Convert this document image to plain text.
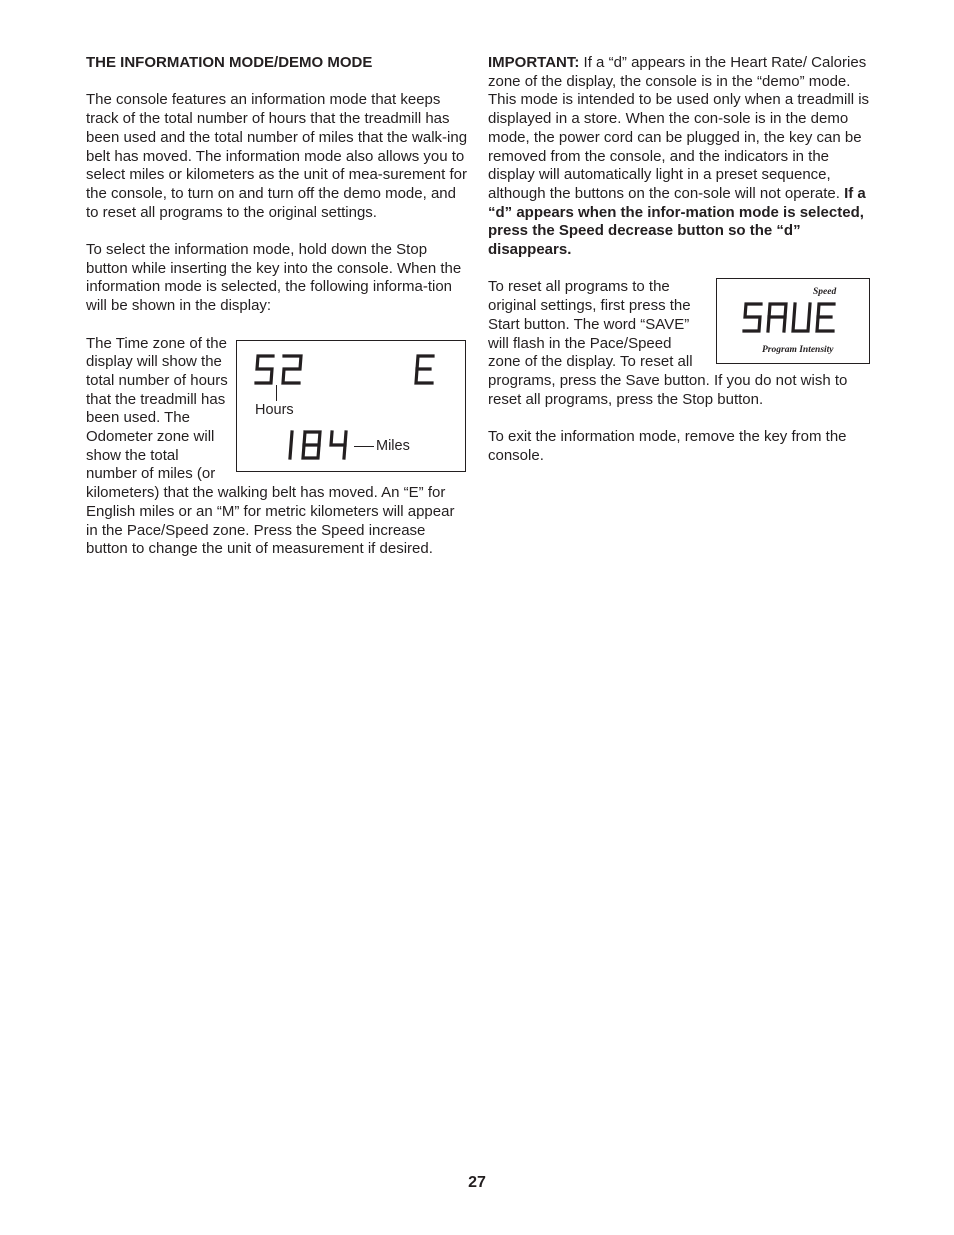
THE INFORMATION MODE/DEMO MODE

The console features an information mode that keeps track of the total number of hours that the treadmill has been used and the total number of miles that the walk-ing belt has moved. The information mode also allows you to select miles or kilometers as the unit of mea-surement for the console, to turn on and turn off the demo mode, and to reset all programs to the original settings.

To select the information mode, hold down the Stop button while inserting the key into the console. When the information mode is selected, the following informa-tion will be shown in the display:

Hours
Miles

The Time zone of the display will show the total number of hours that the treadmill has been used. The Odometer zone will show the total number of miles (or kilometers) that the walking belt has moved. An “E” for English miles or an “M” for metric kilometers will appear in the Pace/Speed zone. Press the Speed increase button to change the unit of measurement if desired.

IMPORTANT: If a “d” appears in the Heart Rate/ Calories zone of the display, the console is in the “demo” mode. This mode is intended to be used only when a treadmill is displayed in a store. When the con-sole is in the demo mode, the power cord can be plugged in, the key can be removed from the console, and the indicators in the display will automatically light in a preset sequence, although the buttons on the con-sole will not operate. If a “d” appears when the infor-mation mode is selected, press the Speed decrease button so the “d” disappears.

Speed
Program Intensity

To reset all programs to the original settings, first press the Start button. The word “SAVE” will flash in the Pace/Speed zone of the display. To reset all programs, press the Save button. If you do not wish to reset all programs, press the Stop button.

To exit the information mode, remove the key from the console.

27
